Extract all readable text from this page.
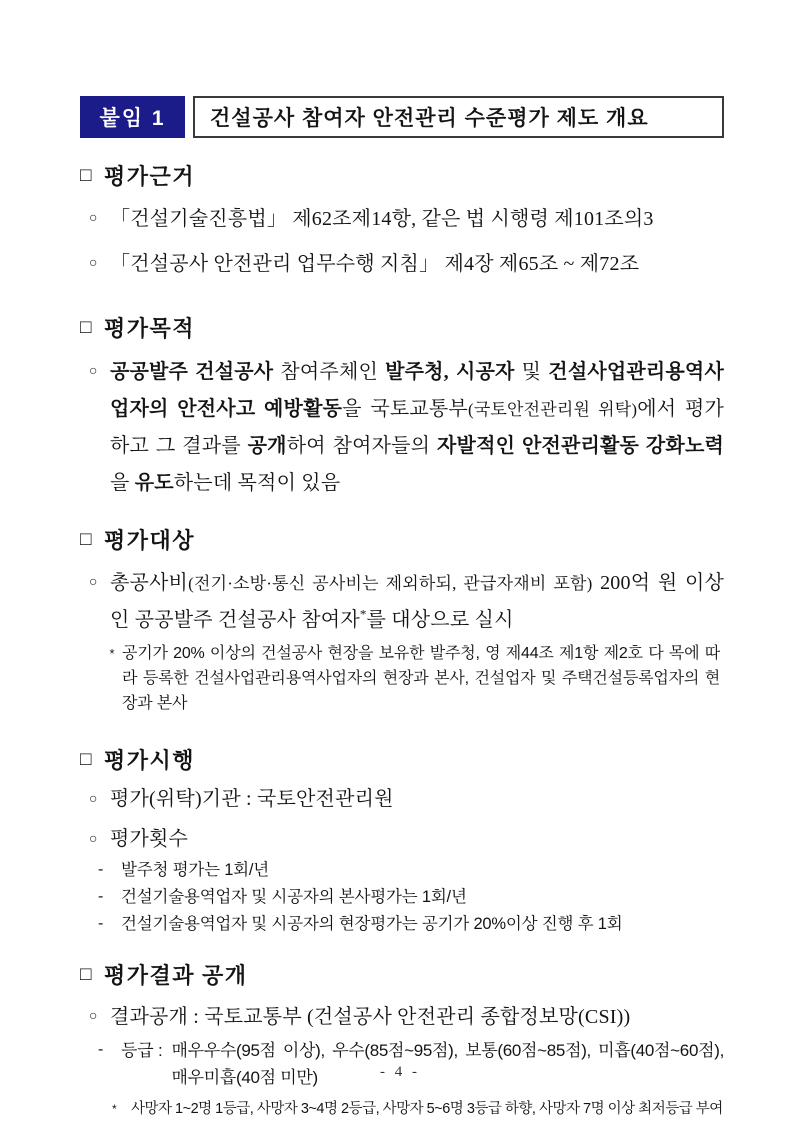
붙임 1	건설공사 참여자 안전관리 수준평가 제도 개요
□ 평가근거
○ 「건설기술진흥법」 제62조제14항, 같은 법 시행령 제101조의3
○ 「건설공사 안전관리 업무수행 지침」 제4장 제65조 ~ 제72조
□ 평가목적
○ 공공발주 건설공사 참여주체인 발주청, 시공자 및 건설사업관리용역사업자의 안전사고 예방활동을 국토교통부(국토안전관리원 위탁)에서 평가하고 그 결과를 공개하여 참여자들의 자발적인 안전관리활동 강화노력을 유도하는데 목적이 있음
□ 평가대상
○ 총공사비(전기·소방·통신 공사비는 제외하되, 관급자재비 포함) 200억 원 이상인 공공발주 건설공사 참여자*를 대상으로 실시
* 공기가 20% 이상의 건설공사 현장을 보유한 발주청, 영 제44조 제1항 제2호 다 목에 따라 등록한 건설사업관리용역사업자의 현장과 본사, 건설업자 및 주택건설등록업자의 현장과 본사
□ 평가시행
○ 평가(위탁)기관 : 국토안전관리원
○ 평가횟수
-	발주청 평가는 1회/년
-	건설기술용역업자 및 시공자의 본사평가는 1회/년
-	건설기술용역업자 및 시공자의 현장평가는 공기가 20%이상 진행 후 1회
□ 평가결과 공개
○ 결과공개 : 국토교통부 (건설공사 안전관리 종합정보망(CSI))
-	등급 : 매우우수(95점 이상), 우수(85점~95점), 보통(60점~85점), 미흡(40점~60점), 매우미흡(40점 미만)
* 사망자 1~2명 1등급, 사망자 3~4명 2등급, 사망자 5~6명 3등급 하향, 사망자 7명 이상 최저등급 부여
- 4 -
